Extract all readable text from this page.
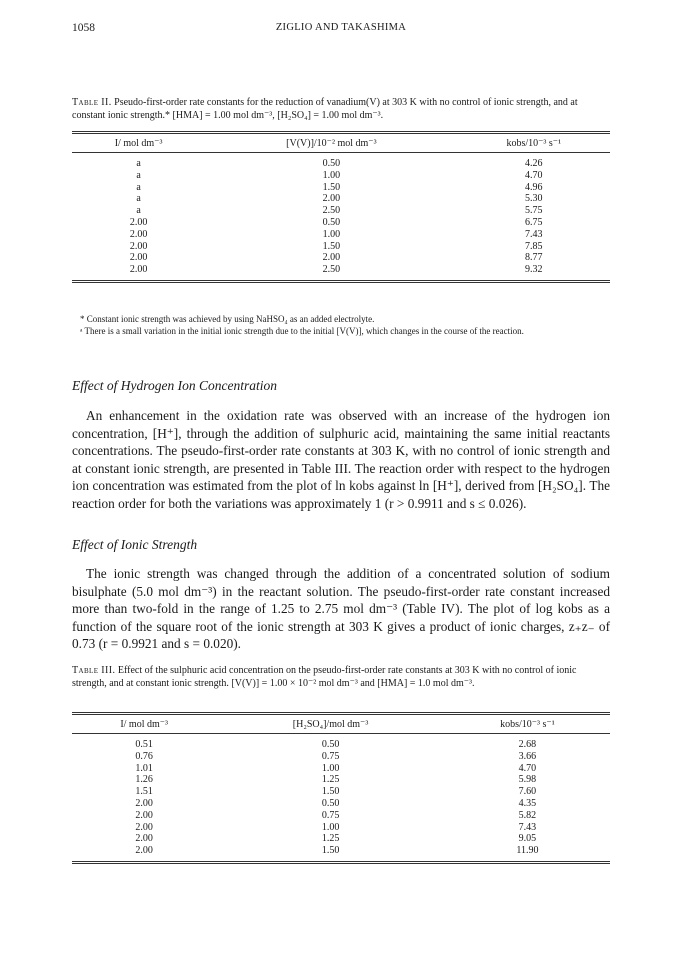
1058	ZIGLIO AND TAKASHIMA
Table II. Pseudo-first-order rate constants for the reduction of vanadium(V) at 303 K with no control of ionic strength, and at constant ionic strength.* [HMA] = 1.00 mol dm⁻³, [H₂SO₄] = 1.00 mol dm⁻³.
I/ mol dm⁻³	[V(V)]/10⁻² mol dm⁻³	kobs/10⁻³ s⁻¹
a	0.50	4.26
a	1.00	4.70
a	1.50	4.96
a	2.00	5.30
a	2.50	5.75
2.00	0.50	6.75
2.00	1.00	7.43
2.00	1.50	7.85
2.00	2.00	8.77
2.00	2.50	9.32

* Constant ionic strength was achieved by using NaHSO₄ as an added electrolyte.

ᵃ There is a small variation in the initial ionic strength due to the initial [V(V)], which changes in the course of the reaction.

Effect of Hydrogen Ion Concentration

An enhancement in the oxidation rate was observed with an increase of the hydrogen ion concentration, [H⁺], through the addition of sulphuric acid, maintaining the same initial reactants concentrations. The pseudo-first-order rate constants at 303 K, with no control of ionic strength and at constant ionic strength, are presented in Table III. The reaction order with respect to the hydrogen ion concentration was estimated from the plot of ln kobs against ln [H⁺], derived from [H₂SO₄]. The reaction order for both the variations was approximately 1 (r > 0.9911 and s ≤ 0.026).

Effect of Ionic Strength

The ionic strength was changed through the addition of a concentrated solution of sodium bisulphate (5.0 mol dm⁻³) in the reactant solution. The pseudo-first-order rate constant increased more than two-fold in the range of 1.25 to 2.75 mol dm⁻³ (Table IV). The plot of log kobs as a function of the square root of the ionic strength at 303 K gives a product of ionic charges, z₊z₋ of 0.73 (r = 0.9921 and s = 0.020).

Table III. Effect of the sulphuric acid concentration on the pseudo-first-order rate constants at 303 K with no control of ionic strength, and at constant ionic strength. [V(V)] = 1.00 × 10⁻² mol dm⁻³ and [HMA] = 1.0 mol dm⁻³.
I/ mol dm⁻³	[H₂SO₄]/mol dm⁻³	kobs/10⁻³ s⁻¹
0.51	0.50	2.68
0.76	0.75	3.66
1.01	1.00	4.70
1.26	1.25	5.98
1.51	1.50	7.60
2.00	0.50	4.35
2.00	0.75	5.82
2.00	1.00	7.43
2.00	1.25	9.05
2.00	1.50	11.90
